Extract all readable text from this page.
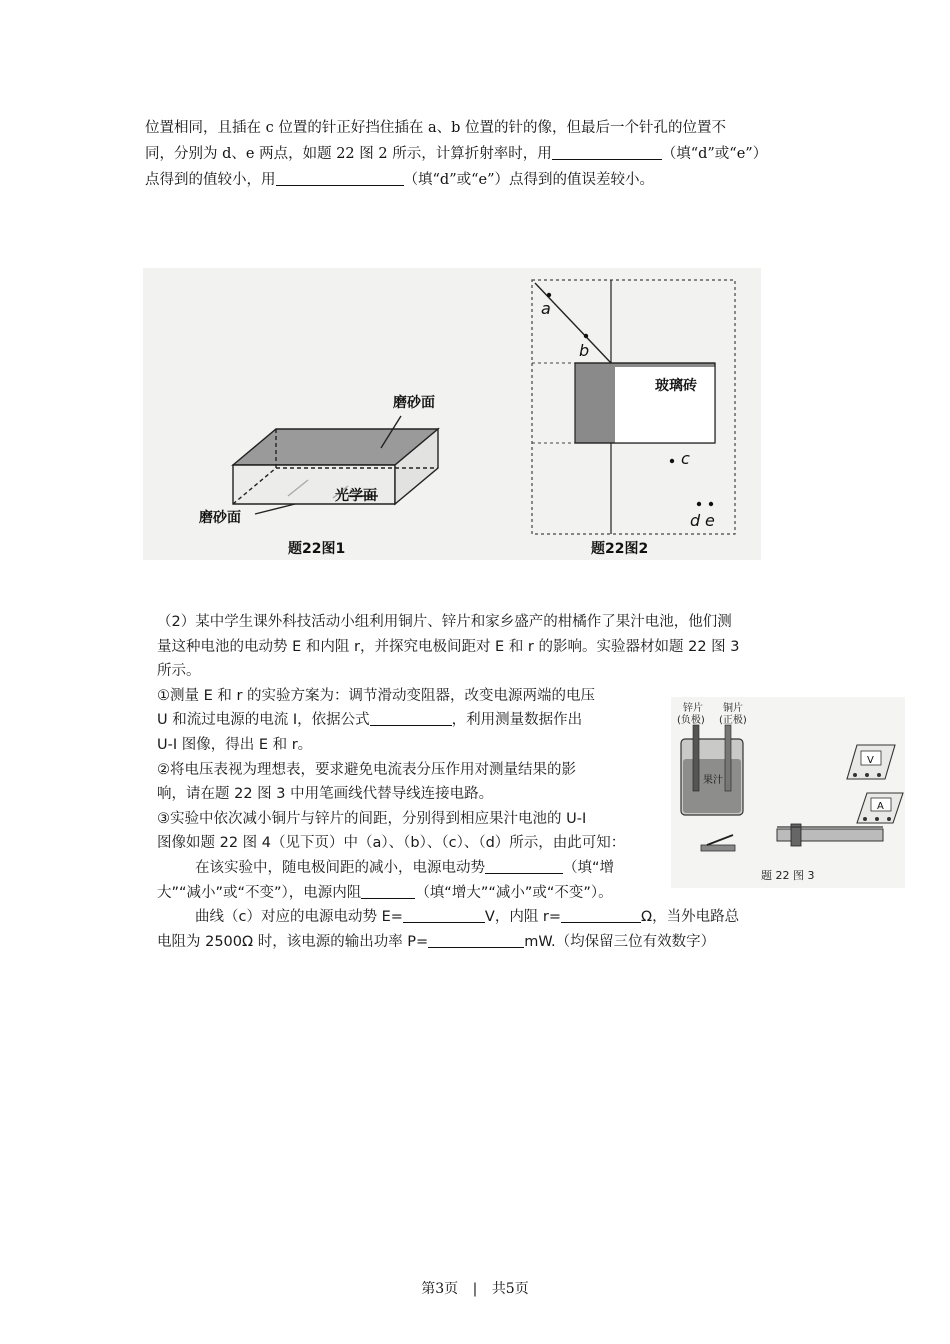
位置相同，且插在 c 位置的针正好挡住插在 a、b 位置的针的像，但最后一个针孔的位置不
同，分别为 d、e 两点，如题 22 图 2 所示，计算折射率时，用	（填“d”或“e”）
点得到的值较小，用	（填“d”或“e”）点得到的值误差较小。
磨砂面
光学面
磨砂面
题22图1
a
b
c
d e
玻璃砖
题22图2
（2）某中学生课外科技活动小组利用铜片、锌片和家乡盛产的柑橘作了果汁电池，他们测
量这种电池的电动势 E 和内阻 r，并探究电极间距对 E 和 r 的影响。实验器材如题 22 图 3
所示。
①测量 E 和 r 的实验方案为：调节滑动变阻器，改变电源两端的电压
U 和流过电源的电流 I，依据公式	，利用测量数据作出
U-I 图像，得出 E 和 r。
②将电压表视为理想表，要求避免电流表分压作用对测量结果的影
响，请在题 22 图 3 中用笔画线代替导线连接电路。
③实验中依次减小铜片与锌片的间距，分别得到相应果汁电池的 U-I
图像如题 22 图 4（见下页）中（a）、（b）、（c）、（d）所示，由此可知：
在该实验中，随电极间距的减小，电源电动势	（填“增
大”“减小”或“不变”），电源内阻	（填“增大”“减小”或“不变”）。
曲线（c）对应的电源电动势 E=	V，内阻 r=	Ω，当外电路总
电阻为 2500Ω 时，该电源的输出功率 P=	mW.（均保留三位有效数字）
锌片
(负极)
铜片
(正极)
果汁
V
A
题 22 图 3
第3页 | 共5页
